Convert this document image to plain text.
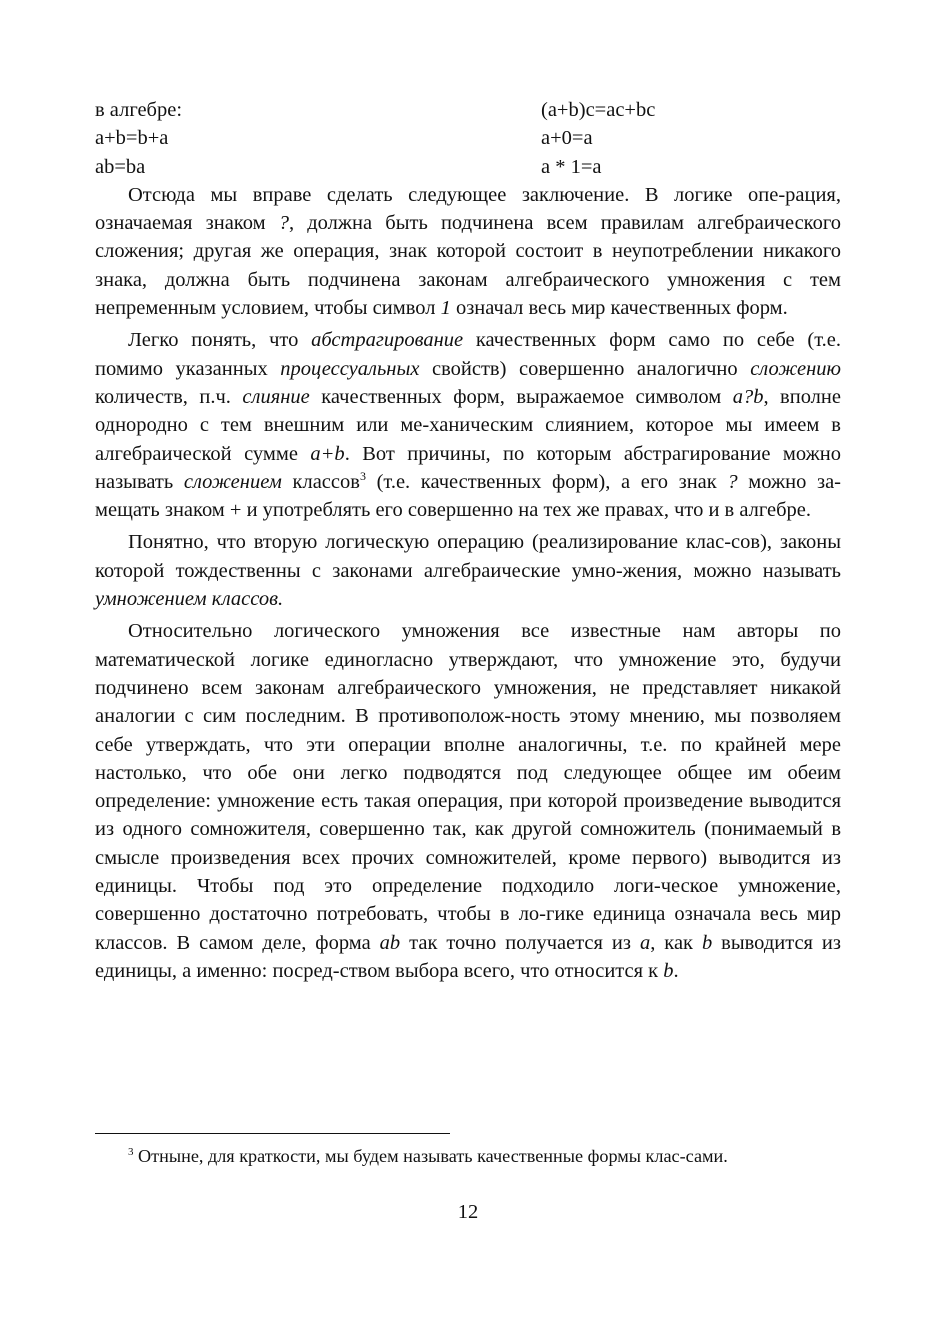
в алгебре:	(a+b)c=ac+bc
a+b=b+a	a+0=a
ab=ba	a * 1=a

Отсюда мы вправе сделать следующее заключение. В логике опе-рация, означаемая знаком ?, должна быть подчинена всем правилам алгебраического сложения; другая же операция, знак которой состоит в неупотреблении никакого знака, должна быть подчинена законам алгебраического умножения с тем непременным условием, чтобы символ 1 означал весь мир качественных форм.

Легко понять, что абстрагирование качественных форм само по себе (т.е. помимо указанных процессуальных свойств) совершенно аналогично сложению количеств, п.ч. слияние качественных форм, выражаемое символом a?b, вполне однородно с тем внешним или ме-ханическим слиянием, которое мы имеем в алгебраической сумме a+b. Вот причины, по которым абстрагирование можно называть сложением классов$^3$ (т.е. качественных форм), а его знак ? можно за-мещать знаком + и употреблять его совершенно на тех же правах, что и в алгебре.

Понятно, что вторую логическую операцию (реализирование клас-сов), законы которой тождественны с законами алгебраические умно-жения, можно называть умножением классов.

Относительно логического умножения все известные нам авторы по математической логике единогласно утверждают, что умножение это, будучи подчинено всем законам алгебраического умножения, не представляет никакой аналогии с сим последним. В противополож-ность этому мнению, мы позволяем себе утверждать, что эти операции вполне аналогичны, т.е. по крайней мере настолько, что обе они легко подводятся под следующее общее им обеим определение: умножение есть такая операция, при которой произведение выводится из одного сомножителя, совершенно так, как другой сомножитель (понимаемый в смысле произведения всех прочих сомножителей, кроме первого) выводится из единицы. Чтобы под это определение подходило логи-ческое умножение, совершенно достаточно потребовать, чтобы в ло-гике единица означала весь мир классов. В самом деле, форма ab так точно получается из a, как b выводится из единицы, а именно: посред-ством выбора всего, что относится к b.

$^3$ Отныне, для краткости, мы будем называть качественные формы клас-сами.

12
